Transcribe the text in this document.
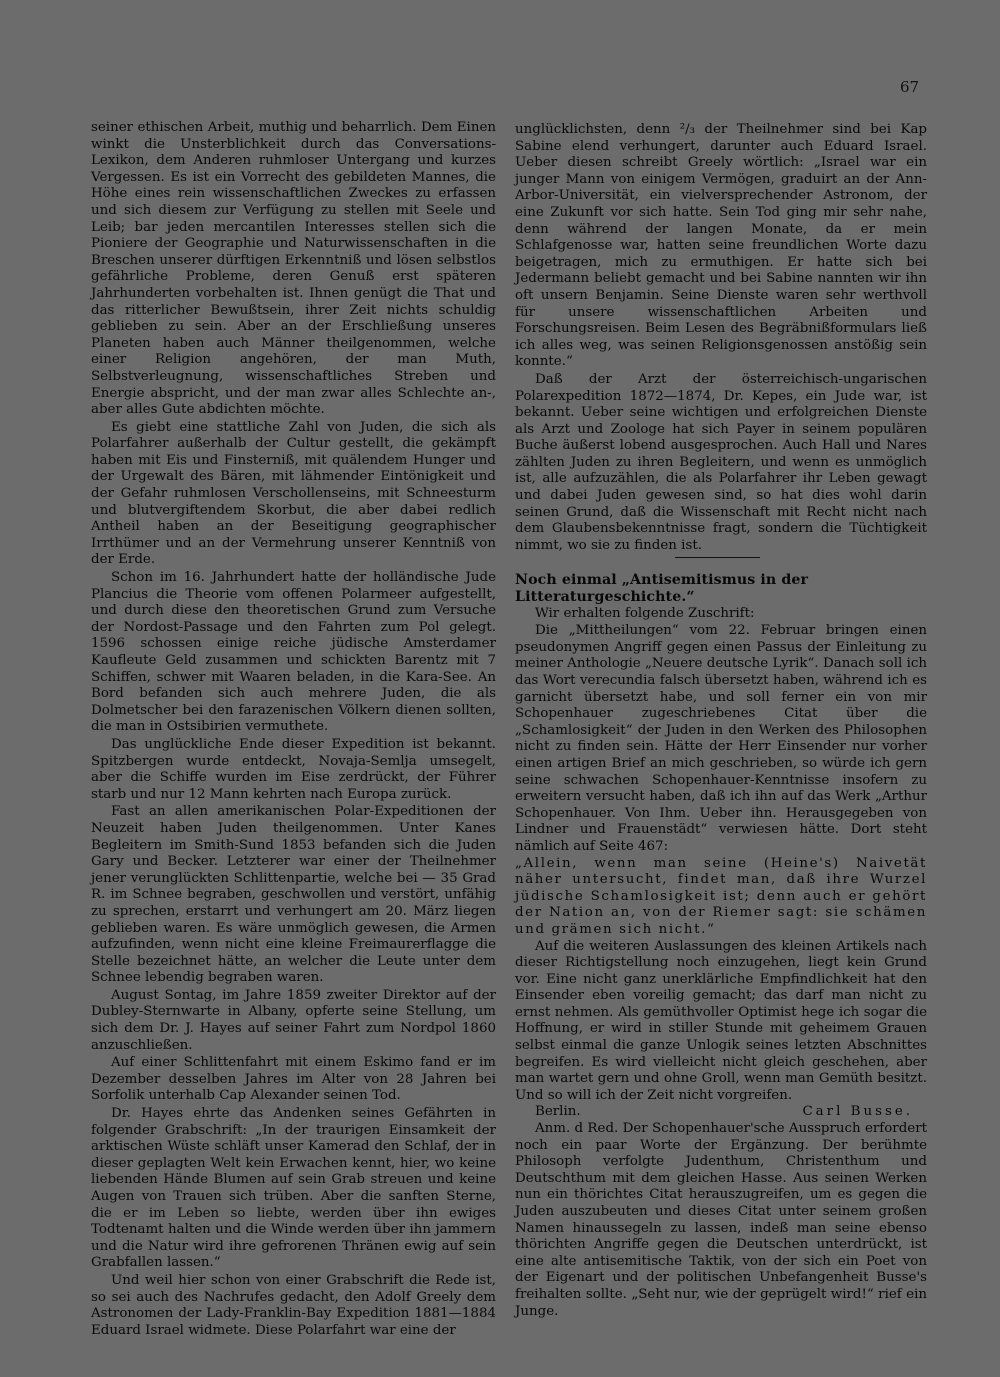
67

seiner ethischen Arbeit, muthig und beharrlich. Dem Einen winkt die Unsterblichkeit durch das Conversations-Lexikon, dem Anderen ruhmloser Untergang und kurzes Vergessen. Es ist ein Vorrecht des gebildeten Mannes, die Höhe eines rein wissenschaftlichen Zweckes zu erfassen und sich diesem zur Verfügung zu stellen mit Seele und Leib; bar jeden mercantilen Interesses stellen sich die Pioniere der Geographie und Naturwissenschaften in die Breschen unserer dürftigen Erkenntniß und lösen selbstlos gefährliche Probleme, deren Genuß erst späteren Jahrhunderten vorbehalten ist. Ihnen genügt die That und das ritterlicher Bewußtsein, ihrer Zeit nichts schuldig geblieben zu sein. Aber an der Erschließung unseres Planeten haben auch Männer theilgenommen, welche einer Religion angehören, der man Muth, Selbstverleugnung, wissenschaftliches Streben und Energie abspricht, und der man zwar alles Schlechte an-, aber alles Gute abdichten möchte.

Es giebt eine stattliche Zahl von Juden, die sich als Polarfahrer außerhalb der Cultur gestellt, die gekämpft haben mit Eis und Finsterniß, mit quälendem Hunger und der Urgewalt des Bären, mit lähmender Eintönigkeit und der Gefahr ruhmlosen Verschollenseins, mit Schneesturm und blutvergiftendem Skorbut, die aber dabei redlich Antheil haben an der Beseitigung geographischer Irrthümer und an der Vermehrung unserer Kenntniß von der Erde.

Schon im 16. Jahrhundert hatte der holländische Jude Plancius die Theorie vom offenen Polarmeer aufgestellt, und durch diese den theoretischen Grund zum Versuche der Nordost-Passage und den Fahrten zum Pol gelegt. 1596 schossen einige reiche jüdische Amsterdamer Kaufleute Geld zusammen und schickten Barentz mit 7 Schiffen, schwer mit Waaren beladen, in die Kara-See. An Bord befanden sich auch mehrere Juden, die als Dolmetscher bei den farazenischen Völkern dienen sollten, die man in Ostsibirien vermuthete.

Das unglückliche Ende dieser Expedition ist bekannt. Spitzbergen wurde entdeckt, Novaja-Semlja umsegelt, aber die Schiffe wurden im Eise zerdrückt, der Führer starb und nur 12 Mann kehrten nach Europa zurück.

Fast an allen amerikanischen Polar-Expeditionen der Neuzeit haben Juden theilgenommen. Unter Kanes Begleitern im Smith-Sund 1853 befanden sich die Juden Gary und Becker. Letzterer war einer der Theilnehmer jener verunglückten Schlittenpartie, welche bei — 35 Grad R. im Schnee begraben, geschwollen und verstört, unfähig zu sprechen, erstarrt und verhungert am 20. März liegen geblieben waren. Es wäre unmöglich gewesen, die Armen aufzufinden, wenn nicht eine kleine Freimaurerflagge die Stelle bezeichnet hätte, an welcher die Leute unter dem Schnee lebendig begraben waren.

August Sontag, im Jahre 1859 zweiter Direktor auf der Dubley-Sternwarte in Albany, opferte seine Stellung, um sich dem Dr. J. Hayes auf seiner Fahrt zum Nordpol 1860 anzuschließen.

Auf einer Schlittenfahrt mit einem Eskimo fand er im Dezember desselben Jahres im Alter von 28 Jahren bei Sorfolik unterhalb Cap Alexander seinen Tod.

Dr. Hayes ehrte das Andenken seines Gefährten in folgender Grabschrift: „In der traurigen Einsamkeit der arktischen Wüste schläft unser Kamerad den Schlaf, der in dieser geplagten Welt kein Erwachen kennt, hier, wo keine liebenden Hände Blumen auf sein Grab streuen und keine Augen von Trauen sich trüben. Aber die sanften Sterne, die er im Leben so liebte, werden über ihn ewiges Todtenamt halten und die Winde werden über ihn jammern und die Natur wird ihre gefrorenen Thränen ewig auf sein Grabfallen lassen.“

Und weil hier schon von einer Grabschrift die Rede ist, so sei auch des Nachrufes gedacht, den Adolf Greely dem Astronomen der Lady-Franklin-Bay Expedition 1881—1884 Eduard Israel widmete. Diese Polarfahrt war eine der

unglücklichsten, denn ²/₃ der Theilnehmer sind bei Kap Sabine elend verhungert, darunter auch Eduard Israel. Ueber diesen schreibt Greely wörtlich: „Israel war ein junger Mann von einigem Vermögen, graduirt an der Ann-Arbor-Universität, ein vielversprechender Astronom, der eine Zukunft vor sich hatte. Sein Tod ging mir sehr nahe, denn während der langen Monate, da er mein Schlafgenosse war, hatten seine freundlichen Worte dazu beigetragen, mich zu ermuthigen. Er hatte sich bei Jedermann beliebt gemacht und bei Sabine nannten wir ihn oft unsern Benjamin. Seine Dienste waren sehr werthvoll für unsere wissenschaftlichen Arbeiten und Forschungsreisen. Beim Lesen des Begräbnißformulars ließ ich alles weg, was seinen Religionsgenossen anstößig sein konnte.“

Daß der Arzt der österreichisch-ungarischen Polarexpedition 1872—1874, Dr. Kepes, ein Jude war, ist bekannt. Ueber seine wichtigen und erfolgreichen Dienste als Arzt und Zoologe hat sich Payer in seinem populären Buche äußerst lobend ausgesprochen. Auch Hall und Nares zählten Juden zu ihren Begleitern, und wenn es unmöglich ist, alle aufzuzählen, die als Polarfahrer ihr Leben gewagt und dabei Juden gewesen sind, so hat dies wohl darin seinen Grund, daß die Wissenschaft mit Recht nicht nach dem Glaubensbekenntnisse fragt, sondern die Tüchtigkeit nimmt, wo sie zu finden ist.

Noch einmal „Antisemitismus in der Litteraturgeschichte.“

Wir erhalten folgende Zuschrift:

Die „Mittheilungen“ vom 22. Februar bringen einen pseudonymen Angriff gegen einen Passus der Einleitung zu meiner Anthologie „Neuere deutsche Lyrik“. Danach soll ich das Wort verecundia falsch übersetzt haben, während ich es garnicht übersetzt habe, und soll ferner ein von mir Schopenhauer zugeschriebenes Citat über die „Schamlosigkeit“ der Juden in den Werken des Philosophen nicht zu finden sein. Hätte der Herr Einsender nur vorher einen artigen Brief an mich geschrieben, so würde ich gern seine schwachen Schopenhauer-Kenntnisse insofern zu erweitern versucht haben, daß ich ihn auf das Werk „Arthur Schopenhauer. Von Ihm. Ueber ihn. Herausgegeben von Lindner und Frauenstädt“ verwiesen hätte. Dort steht nämlich auf Seite 467:

„Allein, wenn man seine (Heine's) Naivetät näher untersucht, findet man, daß ihre Wurzel jüdische Schamlosigkeit ist; denn auch er gehört der Nation an, von der Riemer sagt: sie schämen und grämen sich nicht.“

Auf die weiteren Auslassungen des kleinen Artikels nach dieser Richtigstellung noch einzugehen, liegt kein Grund vor. Eine nicht ganz unerklärliche Empfindlichkeit hat den Einsender eben voreilig gemacht; das darf man nicht zu ernst nehmen. Als gemüthvoller Optimist hege ich sogar die Hoffnung, er wird in stiller Stunde mit geheimem Grauen selbst einmal die ganze Unlogik seines letzten Abschnittes begreifen. Es wird vielleicht nicht gleich geschehen, aber man wartet gern und ohne Groll, wenn man Gemüth besitzt. Und so will ich der Zeit nicht vorgreifen.

Berlin.	Carl Busse.

Anm. d Red. Der Schopenhauer'sche Ausspruch erfordert noch ein paar Worte der Ergänzung. Der berühmte Philosoph verfolgte Judenthum, Christenthum und Deutschthum mit dem gleichen Hasse. Aus seinen Werken nun ein thörichtes Citat herauszugreifen, um es gegen die Juden auszubeuten und dieses Citat unter seinem großen Namen hinaussegeln zu lassen, indeß man seine ebenso thörichten Angriffe gegen die Deutschen unterdrückt, ist eine alte antisemitische Taktik, von der sich ein Poet von der Eigenart und der politischen Unbefangenheit Busse's freihalten sollte. „Seht nur, wie der geprügelt wird!“ rief ein Junge.
